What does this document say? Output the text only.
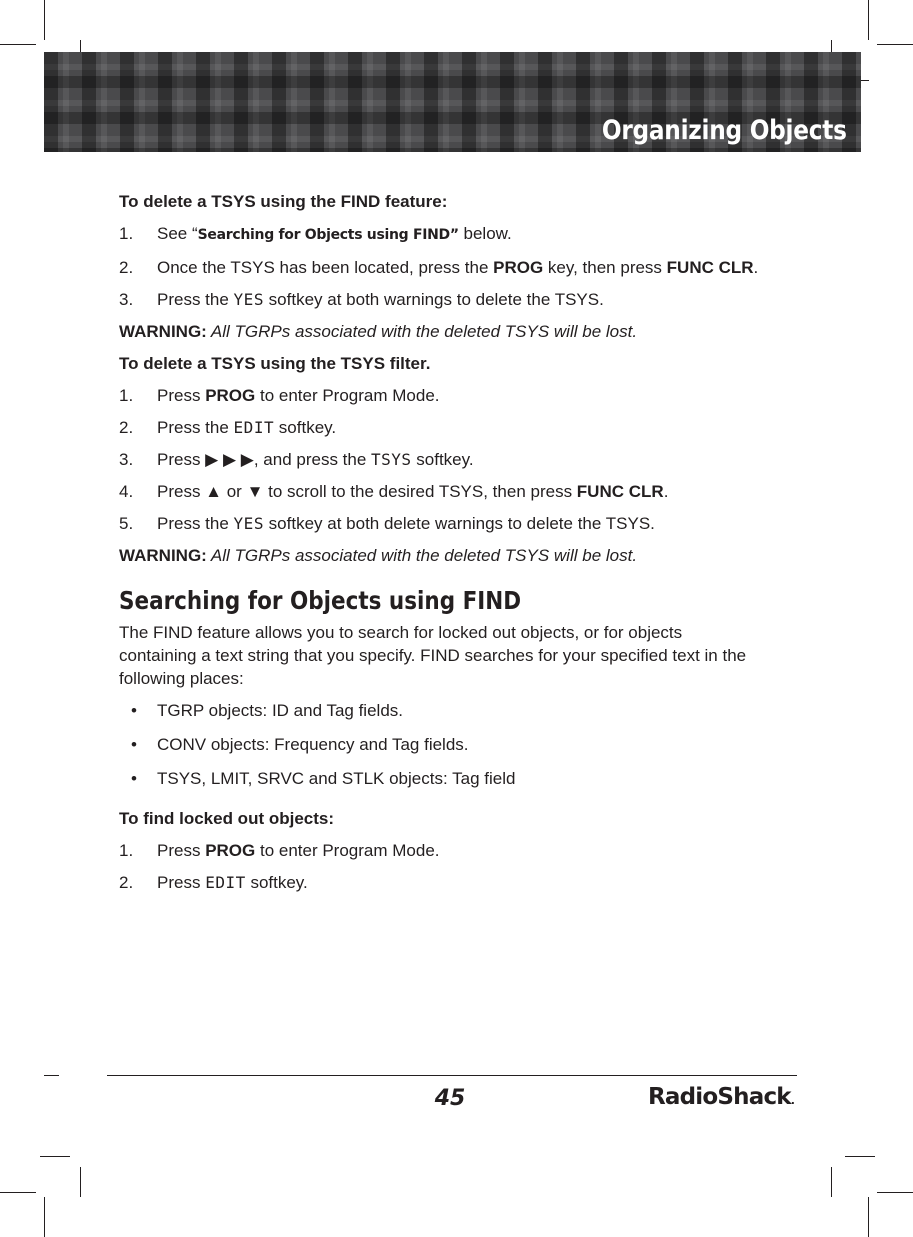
Organizing Objects
To delete a TSYS using the FIND feature:
1. See “Searching for Objects using FIND” below.
2. Once the TSYS has been located, press the PROG key, then press FUNC CLR.
3. Press the YES softkey at both warnings to delete the TSYS.
WARNING: All TGRPs associated with the deleted TSYS will be lost.
To delete a TSYS using the TSYS filter.
1. Press PROG to enter Program Mode.
2. Press the EDIT softkey.
3. Press ▶ ▶ ▶, and press the TSYS softkey.
4. Press ▲ or ▼ to scroll to the desired TSYS, then press FUNC CLR.
5. Press the YES softkey at both delete warnings to delete the TSYS.
WARNING: All TGRPs associated with the deleted TSYS will be lost.
Searching for Objects using FIND
The FIND feature allows you to search for locked out objects, or for objects containing a text string that you specify. FIND searches for your specified text in the following places:
• TGRP objects: ID and Tag fields.
• CONV objects: Frequency and Tag fields.
• TSYS, LMIT, SRVC and STLK objects: Tag field
To find locked out objects:
1. Press PROG to enter Program Mode.
2. Press EDIT softkey.
45	RadioShack.
